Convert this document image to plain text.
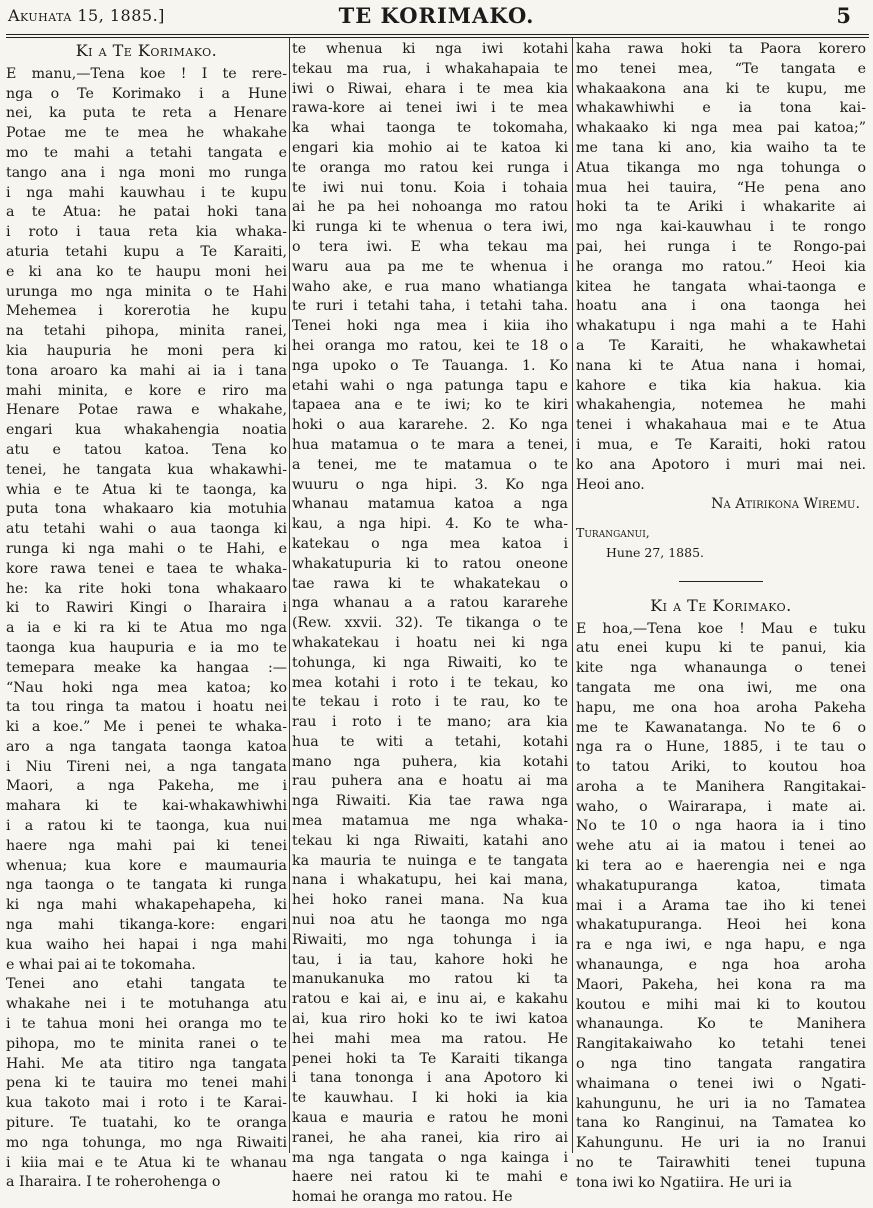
Akuhata 15, 1885.]	TE KORIMAKO.	5
Ki a Te Korimako.
E manu,—Tena koe ! I te rere-
nga o Te Korimako i a Hune
nei, ka puta te reta a Henare
Potae me te mea he whakahe
mo te mahi a tetahi tangata e
tango ana i nga moni mo runga
i nga mahi kauwhau i te kupu
a te Atua: he patai hoki tana
i roto i taua reta kia whaka-
aturia tetahi kupu a Te Karaiti,
e ki ana ko te haupu moni hei
urunga mo nga minita o te Hahi
Mehemea i korerotia he kupu
na tetahi pihopa, minita ranei,
kia haupuria he moni pera ki
tona aroaro ka mahi ai ia i tana
mahi minita, e kore e riro ma
Henare Potae rawa e whakahe,
engari kua whakahengia noatia
atu e tatou katoa. Tena ko
tenei, he tangata kua whakawhi-
whia e te Atua ki te taonga, ka
puta tona whakaaro kia motuhia
atu tetahi wahi o aua taonga ki
runga ki nga mahi o te Hahi, e
kore rawa tenei e taea te whaka-
he: ka rite hoki tona whakaaro
ki to Rawiri Kingi o Iharaira i
a ia e ki ra ki te Atua mo nga
taonga kua haupuria e ia mo te
temepara meake ka hangaa :—
“Nau hoki nga mea katoa; ko
ta tou ringa ta matou i hoatu nei
ki a koe.” Me i penei te whaka-
aro a nga tangata taonga katoa
i Niu Tireni nei, a nga tangata
Maori, a nga Pakeha, me i
mahara ki te kai-whakawhiwhi
i a ratou ki te taonga, kua nui
haere nga mahi pai ki tenei
whenua; kua kore e maumauria
nga taonga o te tangata ki runga
ki nga mahi whakapehapeha, ki
nga mahi tikanga-kore: engari
kua waiho hei hapai i nga mahi
e whai pai ai te tokomaha.
Tenei ano etahi tangata te
whakahe nei i te motuhanga atu
i te tahua moni hei oranga mo te
pihopa, mo te minita ranei o te
Hahi. Me ata titiro nga tangata
pena ki te tauira mo tenei mahi
kua takoto mai i roto i te Karai-
piture. Te tuatahi, ko te oranga
mo nga tohunga, mo nga Riwaiti
i kiia mai e te Atua ki te whanau
a Iharaira. I te roherohenga o
te whenua ki nga iwi kotahi
tekau ma rua, i whakahapaia te
iwi o Riwai, ehara i te mea kia
rawa-kore ai tenei iwi i te mea
ka whai taonga te tokomaha,
engari kia mohio ai te katoa ki
te oranga mo ratou kei runga i
te iwi nui tonu. Koia i tohaia
ai he pa hei nohoanga mo ratou
ki runga ki te whenua o tera iwi,
o tera iwi. E wha tekau ma
waru aua pa me te whenua i
waho ake, e rua mano whatianga
te ruri i tetahi taha, i tetahi taha.
Tenei hoki nga mea i kiia iho
hei oranga mo ratou, kei te 18 o
nga upoko o Te Tauanga. 1. Ko
etahi wahi o nga patunga tapu e
tapaea ana e te iwi; ko te kiri
hoki o aua kararehe. 2. Ko nga
hua matamua o te mara a tenei,
a tenei, me te matamua o te
wuuru o nga hipi. 3. Ko nga
whanau matamua katoa a nga
kau, a nga hipi. 4. Ko te wha-
katekau o nga mea katoa i
whakatupuria ki to ratou oneone
tae rawa ki te whakatekau o
nga whanau a a ratou kararehe
(Rew. xxvii. 32). Te tikanga o te
whakatekau i hoatu nei ki nga
tohunga, ki nga Riwaiti, ko te
mea kotahi i roto i te tekau, ko
te tekau i roto i te rau, ko te
rau i roto i te mano; ara kia
hua te witi a tetahi, kotahi
mano nga puhera, kia kotahi
rau puhera ana e hoatu ai ma
nga Riwaiti. Kia tae rawa nga
mea matamua me nga whaka-
tekau ki nga Riwaiti, katahi ano
ka mauria te nuinga e te tangata
nana i whakatupu, hei kai mana,
hei hoko ranei mana. Na kua
nui noa atu he taonga mo nga
Riwaiti, mo nga tohunga i ia
tau, i ia tau, kahore hoki he
manukanuka mo ratou ki ta
ratou e kai ai, e inu ai, e kakahu
ai, kua riro hoki ko te iwi katoa
hei mahi mea ma ratou. He
penei hoki ta Te Karaiti tikanga
i tana tononga i ana Apotoro ki
te kauwhau. I ki hoki ia kia
kaua e mauria e ratou he moni
ranei, he aha ranei, kia riro ai
ma nga tangata o nga kainga i
haere nei ratou ki te mahi e
homai he oranga mo ratou. He
kaha rawa hoki ta Paora korero
mo tenei mea, “Te tangata e
whakaakona ana ki te kupu, me
whakawhiwhi e ia tona kai-
whakaako ki nga mea pai katoa;”
me tana ki ano, kia waiho ta te
Atua tikanga mo nga tohunga o
mua hei tauira, “He pena ano
hoki ta te Ariki i whakarite ai
mo nga kai-kauwhau i te rongo
pai, hei runga i te Rongo-pai
he oranga mo ratou.” Heoi kia
kitea he tangata whai-taonga e
hoatu ana i ona taonga hei
whakatupu i nga mahi a te Hahi
a Te Karaiti, he whakawhetai
nana ki te Atua nana i homai,
kahore e tika kia hakua. kia
whakahengia, notemea he mahi
tenei i whakahaua mai e te Atua
i mua, e Te Karaiti, hoki ratou
ko ana Apotoro i muri mai nei.
Heoi ano.
Na Atirikona Wiremu.
Turanganui,
Hune 27, 1885.
Ki a Te Korimako.
E hoa,—Tena koe ! Mau e tuku
atu enei kupu ki te panui, kia
kite nga whanaunga o tenei
tangata me ona iwi, me ona
hapu, me ona hoa aroha Pakeha
me te Kawanatanga. No te 6 o
nga ra o Hune, 1885, i te tau o
to tatou Ariki, to koutou hoa
aroha a te Manihera Rangitakai-
waho, o Wairarapa, i mate ai.
No te 10 o nga haora ia i tino
wehe atu ai ia matou i tenei ao
ki tera ao e haerengia nei e nga
whakatupuranga katoa, timata
mai i a Arama tae iho ki tenei
whakatupuranga. Heoi hei kona
ra e nga iwi, e nga hapu, e nga
whanaunga, e nga hoa aroha
Maori, Pakeha, hei kona ra ma
koutou e mihi mai ki to koutou
whanaunga. Ko te Manihera
Rangitakaiwaho ko tetahi tenei
o nga tino tangata rangatira
whaimana o tenei iwi o Ngati-
kahungunu, he uri ia no Tamatea
tana ko Ranginui, na Tamatea ko
Kahungunu. He uri ia no Iranui
no te Tairawhiti tenei tupuna
tona iwi ko Ngatiira. He uri ia
